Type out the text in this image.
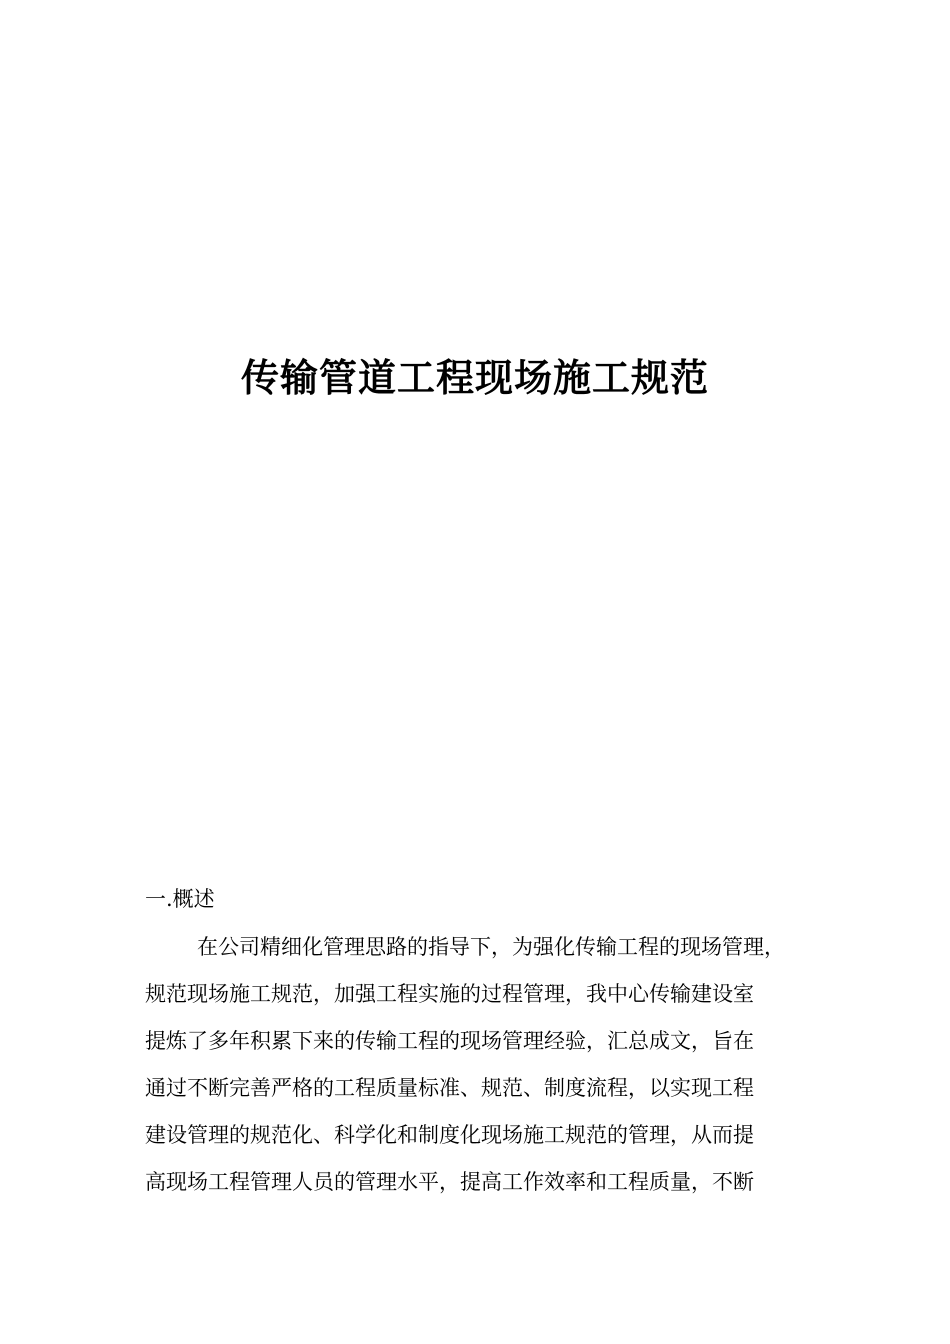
传输管道工程现场施工规范
一.概述
在公司精细化管理思路的指导下，为强化传输工程的现场管理，
规范现场施工规范，加强工程实施的过程管理，我中心传输建设室
提炼了多年积累下来的传输工程的现场管理经验，汇总成文，旨在
通过不断完善严格的工程质量标准、规范、制度流程，以实现工程
建设管理的规范化、科学化和制度化现场施工规范的管理，从而提
高现场工程管理人员的管理水平，提高工作效率和工程质量，不断
